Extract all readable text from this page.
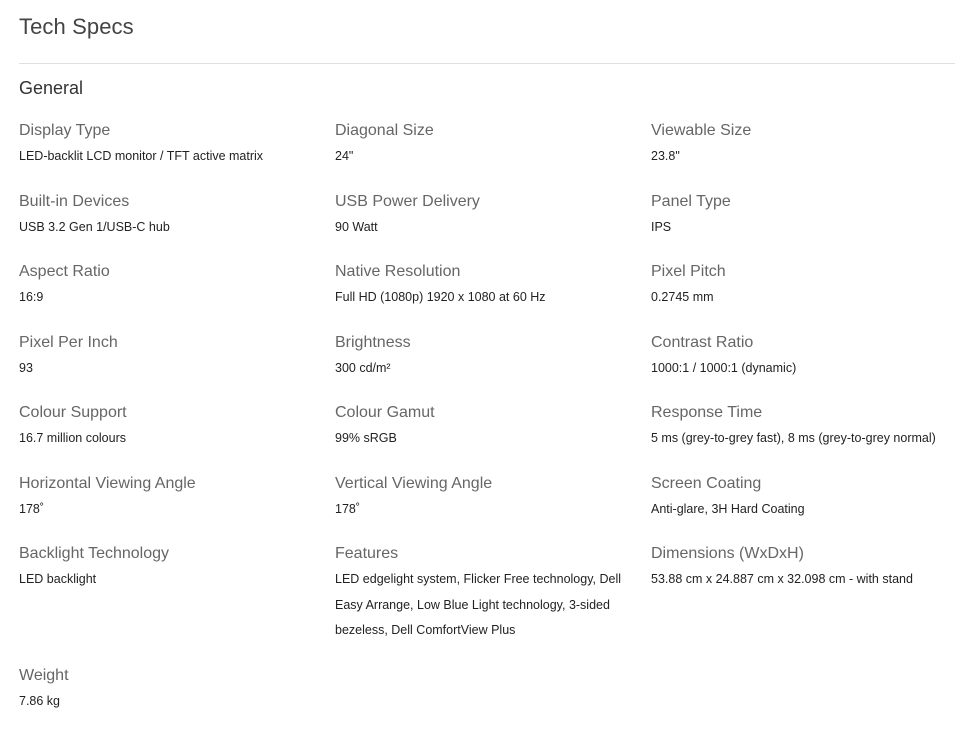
Tech Specs
General
Display Type
LED-backlit LCD monitor / TFT active matrix
Diagonal Size
24"
Viewable Size
23.8"
Built-in Devices
USB 3.2 Gen 1/USB-C hub
USB Power Delivery
90 Watt
Panel Type
IPS
Aspect Ratio
16:9
Native Resolution
Full HD (1080p) 1920 x 1080 at 60 Hz
Pixel Pitch
0.2745 mm
Pixel Per Inch
93
Brightness
300 cd/m²
Contrast Ratio
1000:1 / 1000:1 (dynamic)
Colour Support
16.7 million colours
Colour Gamut
99% sRGB
Response Time
5 ms (grey-to-grey fast), 8 ms (grey-to-grey normal)
Horizontal Viewing Angle
178˚
Vertical Viewing Angle
178˚
Screen Coating
Anti-glare, 3H Hard Coating
Backlight Technology
LED backlight
Features
LED edgelight system, Flicker Free technology, Dell Easy Arrange, Low Blue Light technology, 3-sided bezeless, Dell ComfortView Plus
Dimensions (WxDxH)
53.88 cm x 24.887 cm x 32.098 cm - with stand
Weight
7.86 kg
